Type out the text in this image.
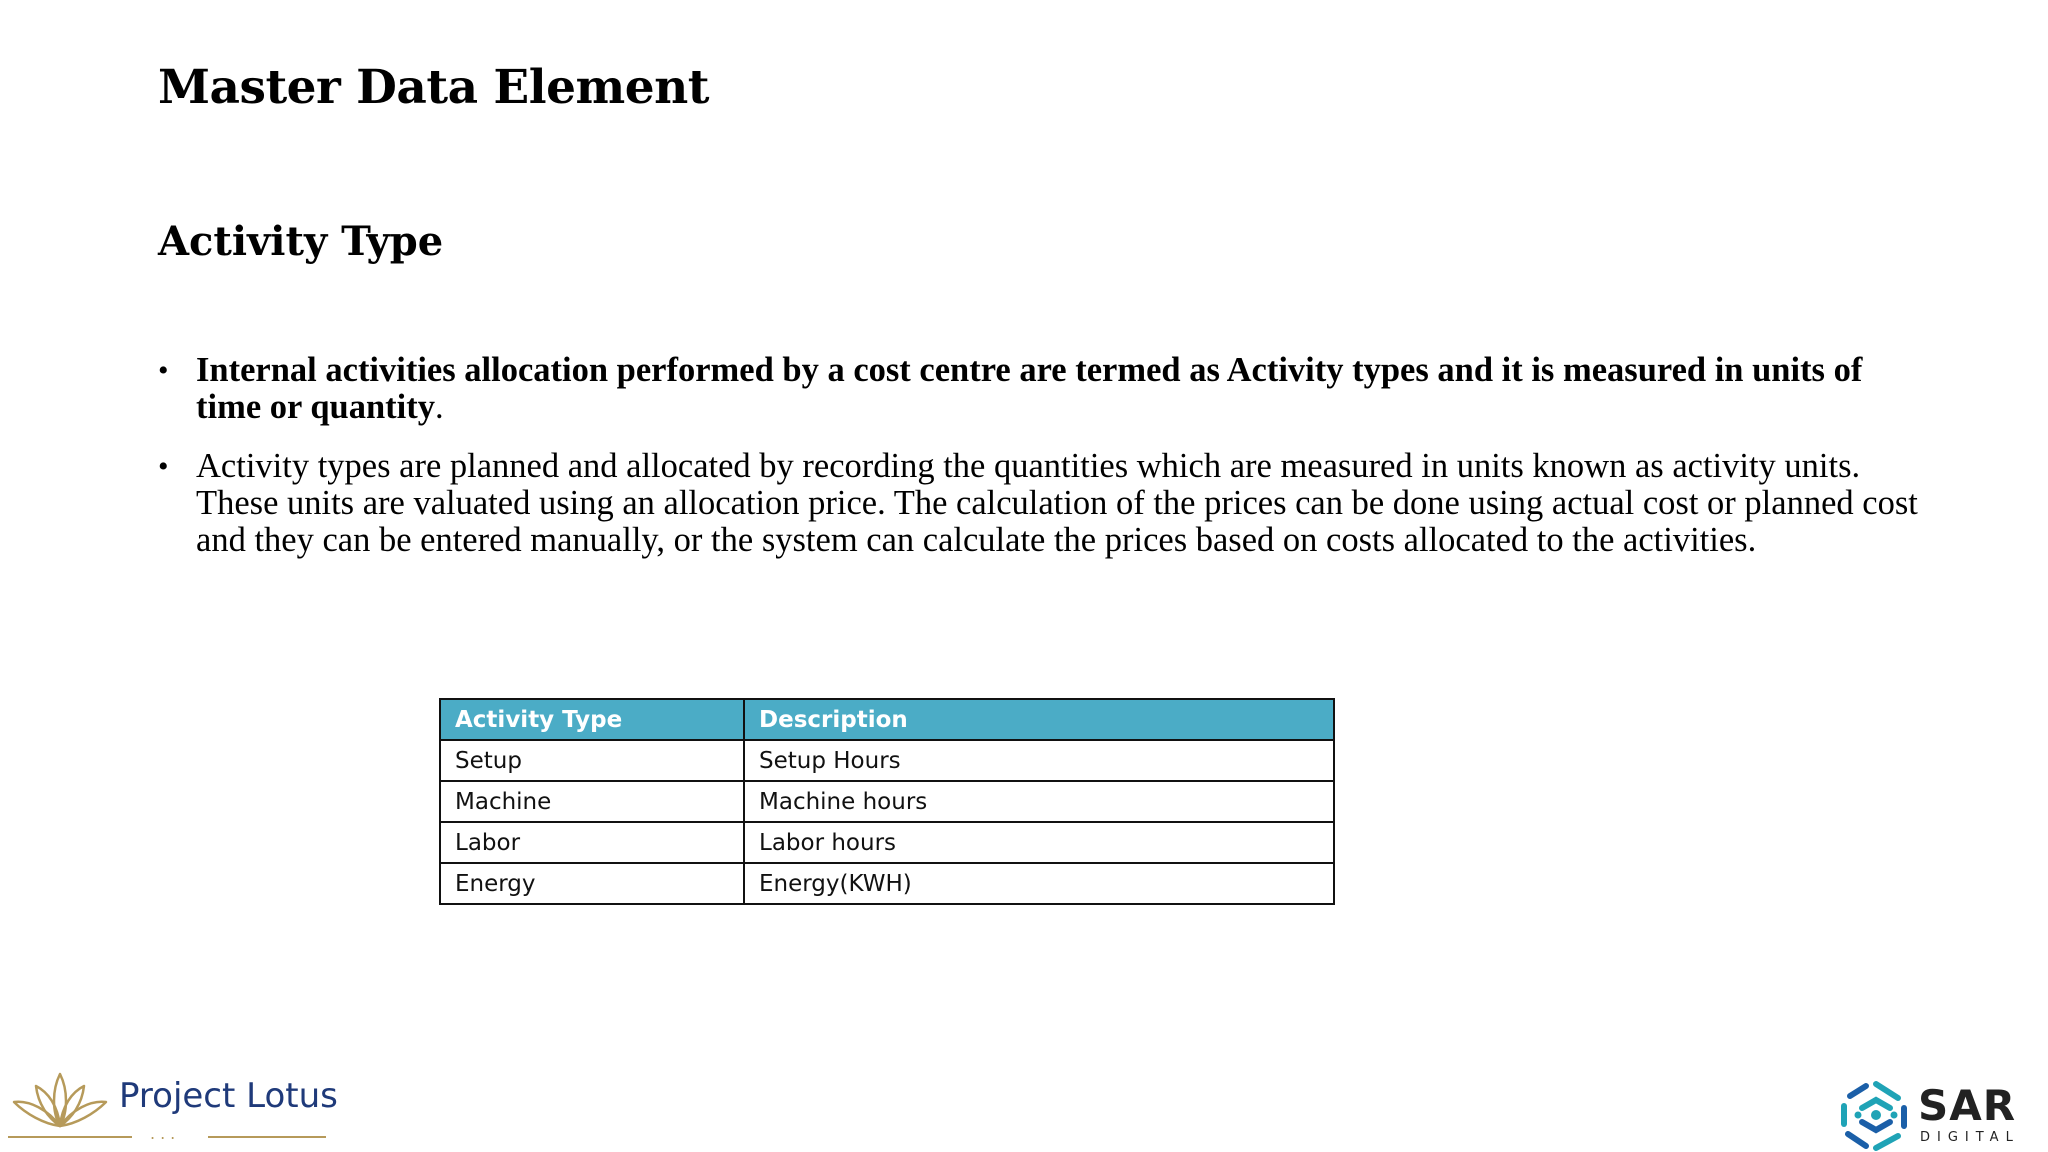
Master Data Element
Activity Type
• Internal activities allocation performed by a cost centre are termed as Activity types and it is measured in units of time or quantity.
• Activity types are planned and allocated by recording the quantities which are measured in units known as activity units. These units are valuated using an allocation price. The calculation of the prices can be done using actual cost or planned cost and they can be entered manually, or the system can calculate the prices based on costs allocated to the activities.
Activity Type	Description
Setup	Setup Hours
Machine	Machine hours
Labor	Labor hours
Energy	Energy(KWH)
Project Lotus
...
SAR
DIGITAL
